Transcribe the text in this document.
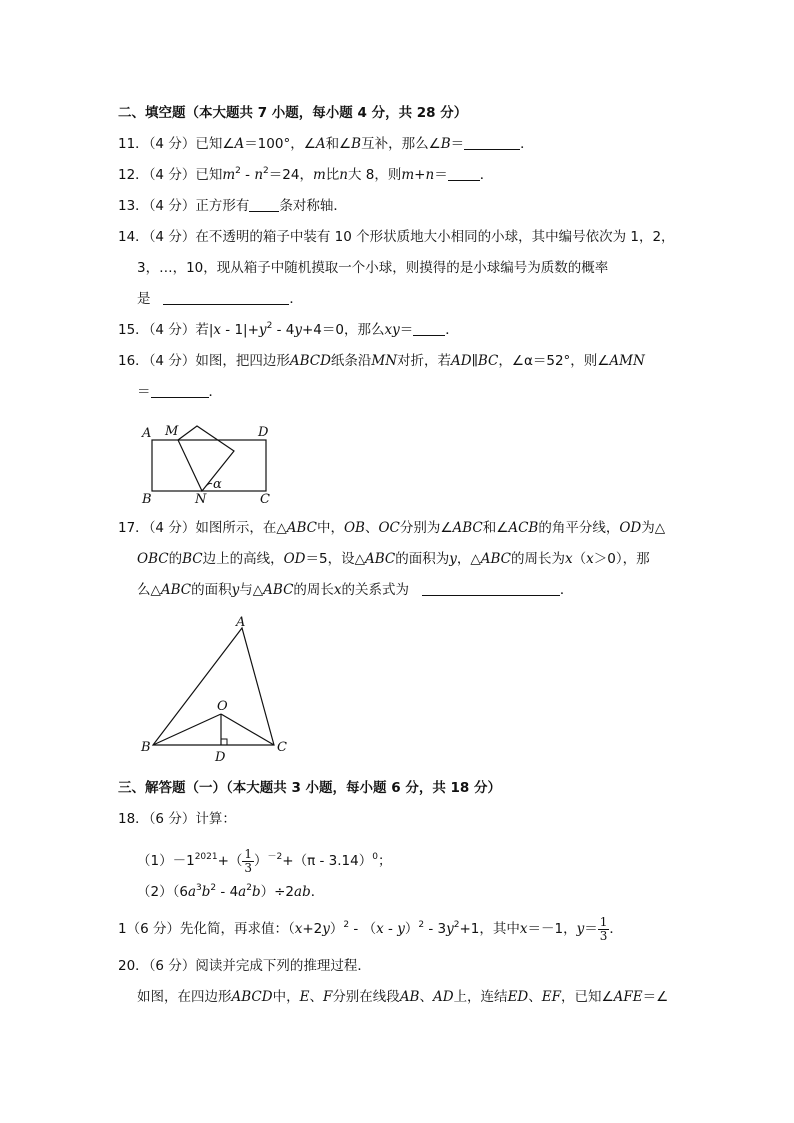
二、填空题（本大题共 7 小题，每小题 4 分，共 28 分）
11．（4 分）已知∠A＝100°，∠A和∠B互补，那么∠B＝	．
12．（4 分）已知$m^2 - n^2=24$，m比n大 8，则m+n＝ ．
13．（4 分）正方形有 条对称轴．
14．（4 分）在不透明的箱子中装有 10 个形状质地大小相同的小球，其中编号依次为 1，2，
3，…，10，现从箱子中随机摸取一个小球，则摸得的是小球编号为质数的概率
是	．
15．（4 分）若$|x - 1|+y^2 - 4y+4=0$，那么xy＝ ．
16．（4 分）如图，把四边形ABCD纸条沿MN对折，若AD∥BC，∠α＝52°，则∠AMN
＝	．
A M	D
B	N	C
α
17．（4 分）如图所示，在△ABC中，OB、OC分别为∠ABC和∠ACB的角平分线，OD为△
OBC的BC边上的高线，OD＝5，设△ABC的面积为y，△ABC的周长为x（x＞0），那
么△ABC的面积y与△ABC的周长x的关系式为	．
A
O
B
D
C
三、解答题（一）（本大题共 3 小题，每小题 6 分，共 18 分）
18．（6 分）计算：
$(1)-1^{2021}+( \frac{1}{3} )^{-2}+(\pi - 3.14)^0$；
$(2)(6a^3b^2 - 4a^2b)\div 2ab$．
1（6 分）先化简，再求值：$(x+2y)^2 - (x - y)^2 - 3y^2+1$，其中x＝－1，$y= \frac{1}{3}$ ．
20．（6 分）阅读并完成下列的推理过程．
如图，在四边形ABCD中，E、F分别在线段AB、AD上，连结ED、EF，已知∠AFE＝∠
